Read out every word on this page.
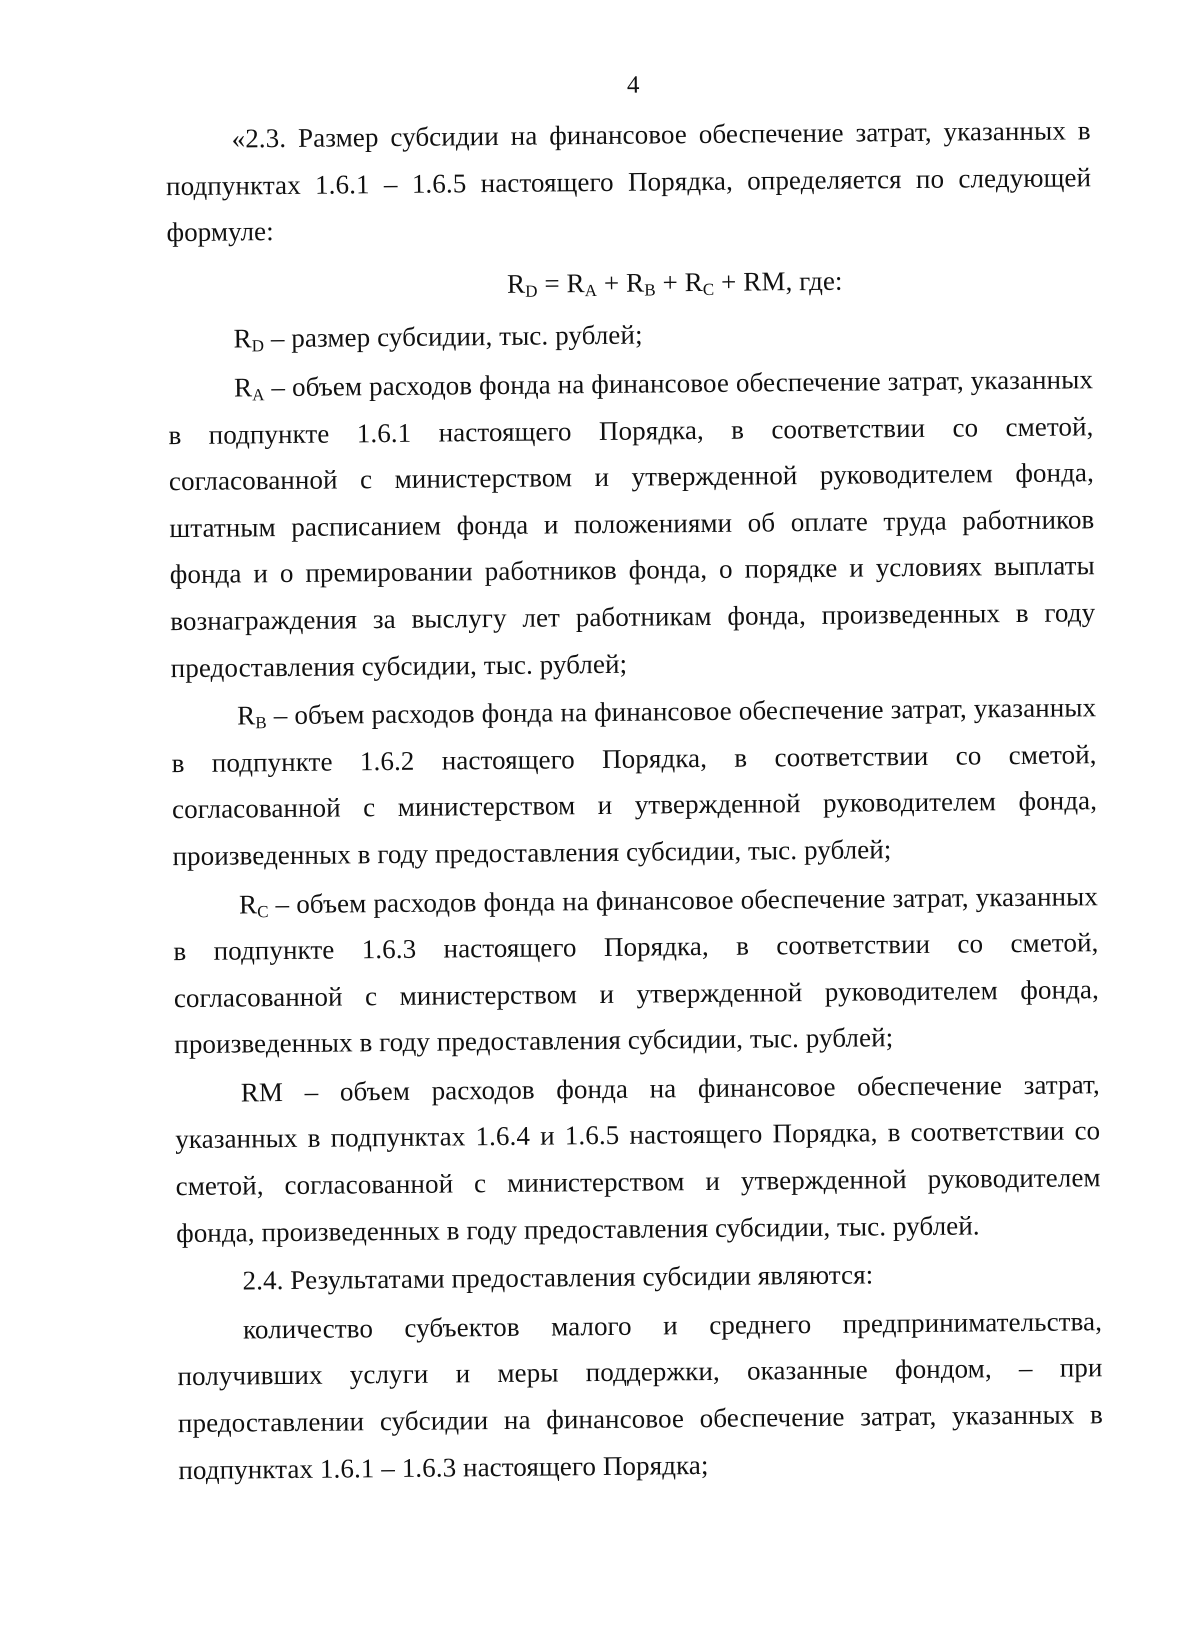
4

«2.3. Размер субсидии на финансовое обеспечение затрат, указанных в подпунктах 1.6.1 – 1.6.5 настоящего Порядка, определяется по следующей формуле:

$R_D = R_A + R_B + R_C$ + RM, где:

$R_D$ – размер субсидии, тыс. рублей;

$R_A$ – объем расходов фонда на финансовое обеспечение затрат, указанных в подпункте 1.6.1 настоящего Порядка, в соответствии со сметой, согласованной с министерством и утвержденной руководителем фонда, штатным расписанием фонда и положениями об оплате труда работников фонда и о премировании работников фонда, о порядке и условиях выплаты вознаграждения за выслугу лет работникам фонда, произведенных в году предоставления субсидии, тыс. рублей;

$R_B$ – объем расходов фонда на финансовое обеспечение затрат, указанных в подпункте 1.6.2 настоящего Порядка, в соответствии со сметой, согласованной с министерством и утвержденной руководителем фонда, произведенных в году предоставления субсидии, тыс. рублей;

$R_C$ – объем расходов фонда на финансовое обеспечение затрат, указанных в подпункте 1.6.3 настоящего Порядка, в соответствии со сметой, согласованной с министерством и утвержденной руководителем фонда, произведенных в году предоставления субсидии, тыс. рублей;

RM – объем расходов фонда на финансовое обеспечение затрат, указанных в подпунктах 1.6.4 и 1.6.5 настоящего Порядка, в соответствии со сметой, согласованной с министерством и утвержденной руководителем фонда, произведенных в году предоставления субсидии, тыс. рублей.

2.4. Результатами предоставления субсидии являются:

количество субъектов малого и среднего предпринимательства, получивших услуги и меры поддержки, оказанные фондом, – при предоставлении субсидии на финансовое обеспечение затрат, указанных в подпунктах 1.6.1 – 1.6.3 настоящего Порядка;
